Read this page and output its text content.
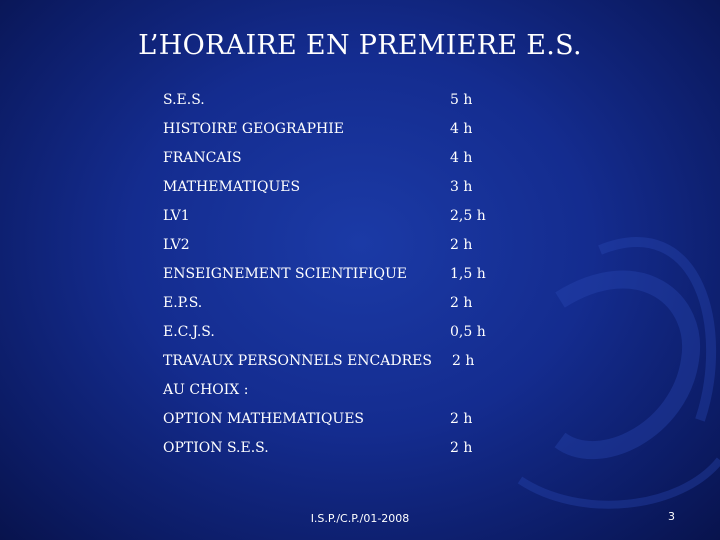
L’HORAIRE EN PREMIERE E.S.
S.E.S.	5 h
HISTOIRE GEOGRAPHIE	4 h
FRANCAIS	4 h
MATHEMATIQUES	3 h
LV1	2,5 h
LV2	2 h
ENSEIGNEMENT SCIENTIFIQUE	1,5 h
E.P.S.	2 h
E.C.J.S.	0,5 h
TRAVAUX PERSONNELS ENCADRES 2 h
AU CHOIX :
OPTION MATHEMATIQUES	2 h
OPTION S.E.S.	2 h
I.S.P./C.P./01-2008	3
